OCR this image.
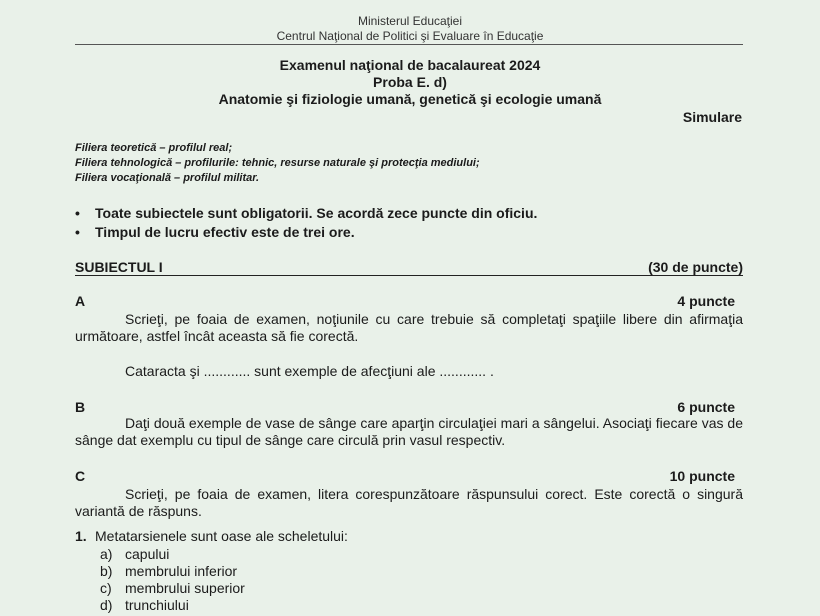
Ministerul Educaţiei
Centrul Naţional de Politici şi Evaluare în Educaţie
Examenul naţional de bacalaureat 2024
Proba E. d)
Anatomie şi fiziologie umană, genetică şi ecologie umană
Simulare
Filiera teoretică – profilul real;
Filiera tehnologică – profilurile: tehnic, resurse naturale şi protecţia mediului;
Filiera vocaţională – profilul militar.
•	Toate subiectele sunt obligatorii. Se acordă zece puncte din oficiu.
•	Timpul de lucru efectiv este de trei ore.
SUBIECTUL I	(30 de puncte)
A	4 puncte
Scrieţi, pe foaia de examen, noţiunile cu care trebuie să completaţi spaţiile libere din afirmaţia următoare, astfel încât aceasta să fie corectă.
Cataracta şi ............ sunt exemple de afecţiuni ale ............ .
B	6 puncte
Daţi două exemple de vase de sânge care aparţin circulaţiei mari a sângelui. Asociaţi fiecare vas de sânge dat exemplu cu tipul de sânge care circulă prin vasul respectiv.
C	10 puncte
Scrieţi, pe foaia de examen, litera corespunzătoare răspunsului corect. Este corectă o singură variantă de răspuns.
1. Metatarsienele sunt oase ale scheletului:
a) capului
b) membrului inferior
c) membrului superior
d) trunchiului
